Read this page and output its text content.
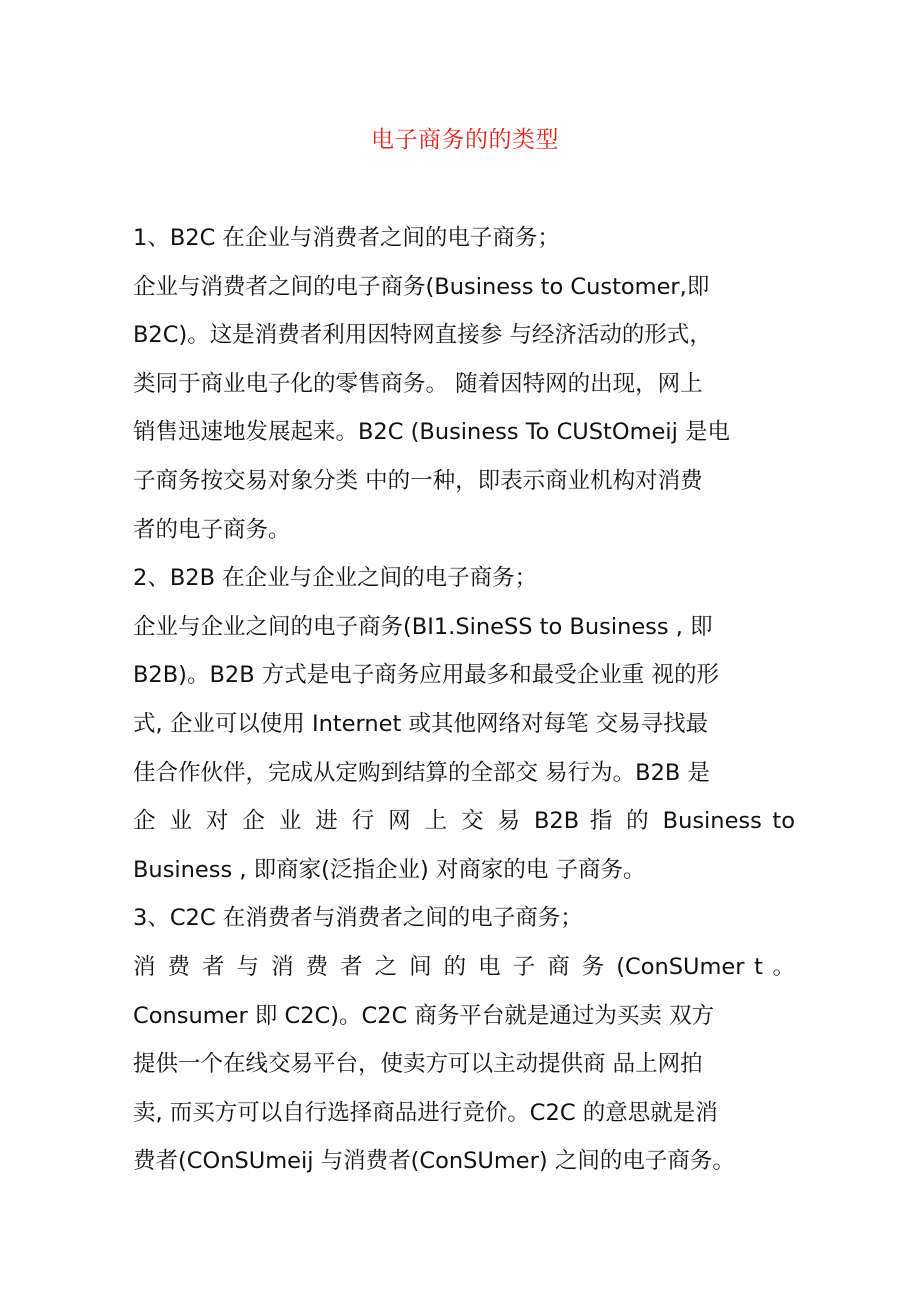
电子商务的的类型
1、B2C 在企业与消费者之间的电子商务；
企业与消费者之间的电子商务(Business to Customer,即
B2C)。这是消费者利用因特网直接参 与经济活动的形式，
类同于商业电子化的零售商务。 随着因特网的出现，网上
销售迅速地发展起来。B2C (Business To CUStOmeij 是电
子商务按交易对象分类 中的一种，即表示商业机构对消费
者的电子商务。
2、B2B 在企业与企业之间的电子商务；
企业与企业之间的电子商务(BI1.SineSS to Business , 即
B2B)。B2B 方式是电子商务应用最多和最受企业重 视的形
式, 企业可以使用 Internet 或其他网络对每笔 交易寻找最
佳合作伙伴，完成从定购到结算的全部交 易行为。B2B 是
企 业 对 企 业 进 行 网 上 交 易 B2B 指 的 Business to
Business , 即商家(泛指企业) 对商家的电 子商务。
3、C2C 在消费者与消费者之间的电子商务；
消 费 者 与 消 费 者 之 间 的 电 子 商 务 (ConSUmer t 。
Consumer 即 C2C)。C2C 商务平台就是通过为买卖 双方
提供一个在线交易平台，使卖方可以主动提供商 品上网拍
卖, 而买方可以自行选择商品进行竞价。C2C 的意思就是消
费者(COnSUmeij 与消费者(ConSUmer) 之间的电子商务。
